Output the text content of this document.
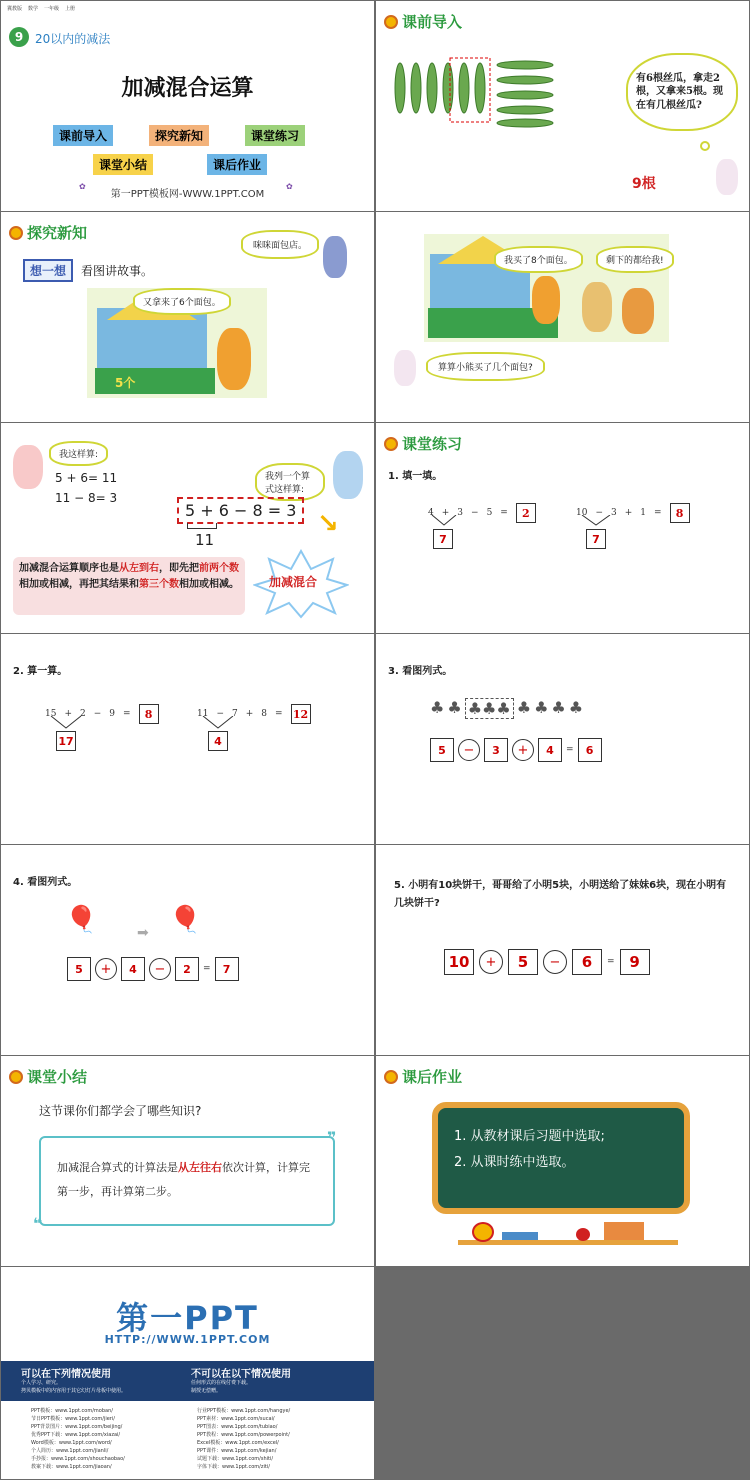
冀教版 数学 一年级 上册
9 20以内的减法
加减混合运算
课前导入	探究新知	课堂练习
课堂小结	课后作业
✿
第一PPT模板网-WWW.1PPT.COM
✿
课前导入
有6根丝瓜，拿走2根，又拿来5根。现在有几根丝瓜?
9根
探究新知
想一想	看图讲故事。
咪咪面包店。
5个
又拿来了6个面包。
我买了8个面包。	剩下的都给我!
算算小熊买了几个面包?
我这样算:
5 + 6= 11
11 − 8= 3
我列一个算式这样算:
5 + 6 − 8 = 3
11
↘
加减混合运算顺序也是从左到右，即先把前两个数相加或相减，再把其结果和第三个数相加或相减。	加减混合
课堂练习
1. 填一填。
4 + 3 − 5 =	2
7
10 − 3 + 1 =	8
7
2. 算一算。
15 + 2 − 9 =	8
17
11 − 7 + 8 = 12
4
3. 看图列式。
♣ ♣ ♣♣♣ ♣ ♣ ♣ ♣
5	−	3	+	4	=	6
4. 看图列式。
🎈	➡ 🎈
5	+	4	−	2	=	7
5. 小明有10块饼干，哥哥给了小明5块，小明送给了妹妹6块，现在小明有几块饼干?
10	+	5	−	6	= 9
课堂小结
这节课你们都学会了哪些知识?
加减混合算式的计算法是从左往右依次计算，计算完第一步，再计算第二步。
❞
❝
课后作业
1. 从教材课后习题中选取;
2. 从课时练中选取。
第一PPT
HTTP://WWW.1PPT.COM
可以在下列情况使用
个人学习、研究。
拷贝模板中的内容用于其它幻灯片母板中使用。
不可以在以下情况使用
任何形式的在线付费下载。
制授无偿赠。
PPT模板：www.1ppt.com/moban/
节日PPT模板：www.1ppt.com/jieri/
PPT背景图片：www.1ppt.com/beijing/
优秀PPT下载：www.1ppt.com/xiazai/
Word模板：www.1ppt.com/word/
个人简历：www.1ppt.com/jianli/
手抄报：www.1ppt.com/shouchaobao/
教案下载：www.1ppt.com/jiaoan/
行业PPT模板：www.1ppt.com/hangye/
PPT素材：www.1ppt.com/sucai/
PPT图表：www.1ppt.com/tubiao/
PPT教程：www.1ppt.com/powerpoint/
Excel模板：www.1ppt.com/excel/
PPT课件：www.1ppt.com/kejian/
试题下载：www.1ppt.com/shiti/
字体下载：www.1ppt.com/ziti/
